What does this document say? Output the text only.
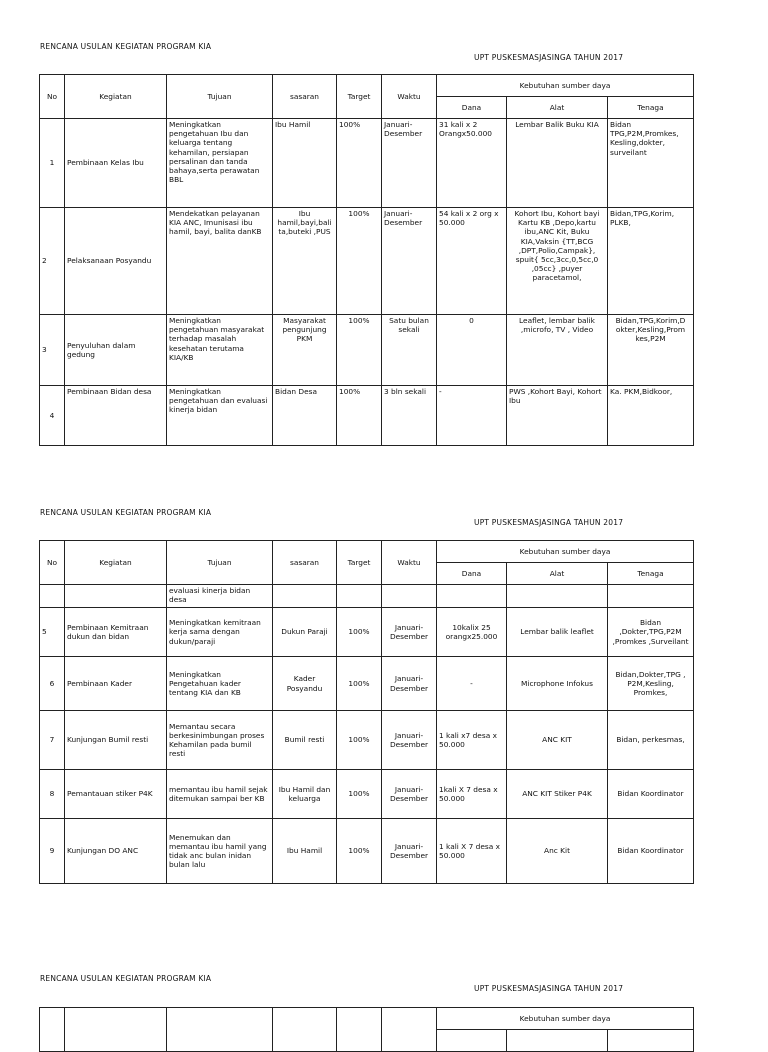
RENCANA USULAN KEGIATAN PROGRAM KIA
UPT PUSKESMASJASINGA TAHUN 2017
No	Kegiatan	Tujuan	sasaran	Target	Waktu	Kebutuhan sumber daya		
						Dana	Alat	Tenaga
1	Pembinaan Kelas Ibu	Meningkatkan pengetahuan Ibu dan keluarga tentang kehamilan, persiapan persalinan dan tanda bahaya,serta perawatan BBL	Ibu Hamil	100%	Januari-Desember	31 kali x 2 Orangx50.000	Lembar Balik Buku KIA	Bidan TPG,P2M,Promkes, Kesling,dokter, surveilant
2	Pelaksanaan Posyandu	Mendekatkan pelayanan KIA ANC, Imunisasi ibu hamil, bayi, balita danKB	Ibu hamil,bayi,bali ta,buteki ,PUS	100%	Januari-Desember	54 kali x 2 org x 50.000	Kohort Ibu, Kohort bayi Kartu KB ,Depo,kartu ibu,ANC Kit, Buku KIA,Vaksin {TT,BCG ,DPT,Polio,Campak}, spuit{ 5cc,3cc,0,5cc,0 ,05cc} ,puyer paracetamol,	Bidan,TPG,Korim, PLKB,
3	Penyuluhan dalam gedung	Meningkatkan pengetahuan masyarakat terhadap masalah kesehatan terutama KIA/KB	Masyarakat pengunjung PKM	100%	Satu bulan sekali	0	Leaflet, lembar balik ,microfo, TV , Video	Bidan,TPG,Korim,D okter,Kesling,Prom kes,P2M
4	Pembinaan Bidan desa	Meningkatkan pengetahuan dan evaluasi kinerja bidan	Bidan Desa	100%	3 bln sekali	-	PWS ,Kohort Bayi, Kohort Ibu	Ka. PKM,Bidkoor,
RENCANA USULAN KEGIATAN PROGRAM KIA
UPT PUSKESMASJASINGA TAHUN 2017
No	Kegiatan	Tujuan	sasaran	Target	Waktu	Kebutuhan sumber daya		
						Dana	Alat	Tenaga
		evaluasi kinerja bidan desa						
5	Pembinaan Kemitraan dukun dan bidan	Meningkatkan kemitraan kerja sama dengan dukun/paraji	Dukun Paraji	100%	Januari-Desember	10kalix 25 orangx25.000	Lembar balik leaflet	Bidan ,Dokter,TPG,P2M ,Promkes ,Surveilant
6	Pembinaan Kader	Meningkatkan Pengetahuan kader tentang KIA dan KB	Kader Posyandu	100%	Januari-Desember	-	Microphone Infokus	Bidan,Dokter,TPG , P2M,Kesling, Promkes,
7	Kunjungan Bumil resti	Memantau secara berkesinimbungan proses Kehamilan pada bumil resti	Bumil resti	100%	Januari-Desember	1 kali x7 desa x 50.000	ANC KIT	Bidan, perkesmas,
8	Pemantauan stiker P4K	memantau ibu hamil sejak ditemukan sampai ber KB	Ibu Hamil dan keluarga	100%	Januari-Desember	1kali X 7 desa x 50.000	ANC KIT Stiker P4K	Bidan Koordinator
9	Kunjungan DO ANC	Menemukan dan memantau ibu hamil yang tidak anc bulan inidan bulan lalu	Ibu Hamil	100%	Januari-Desember	1 kali X 7 desa x 50.000	Anc Kit	Bidan Koordinator
RENCANA USULAN KEGIATAN PROGRAM KIA
UPT PUSKESMASJASINGA TAHUN 2017
						Kebutuhan sumber daya		
